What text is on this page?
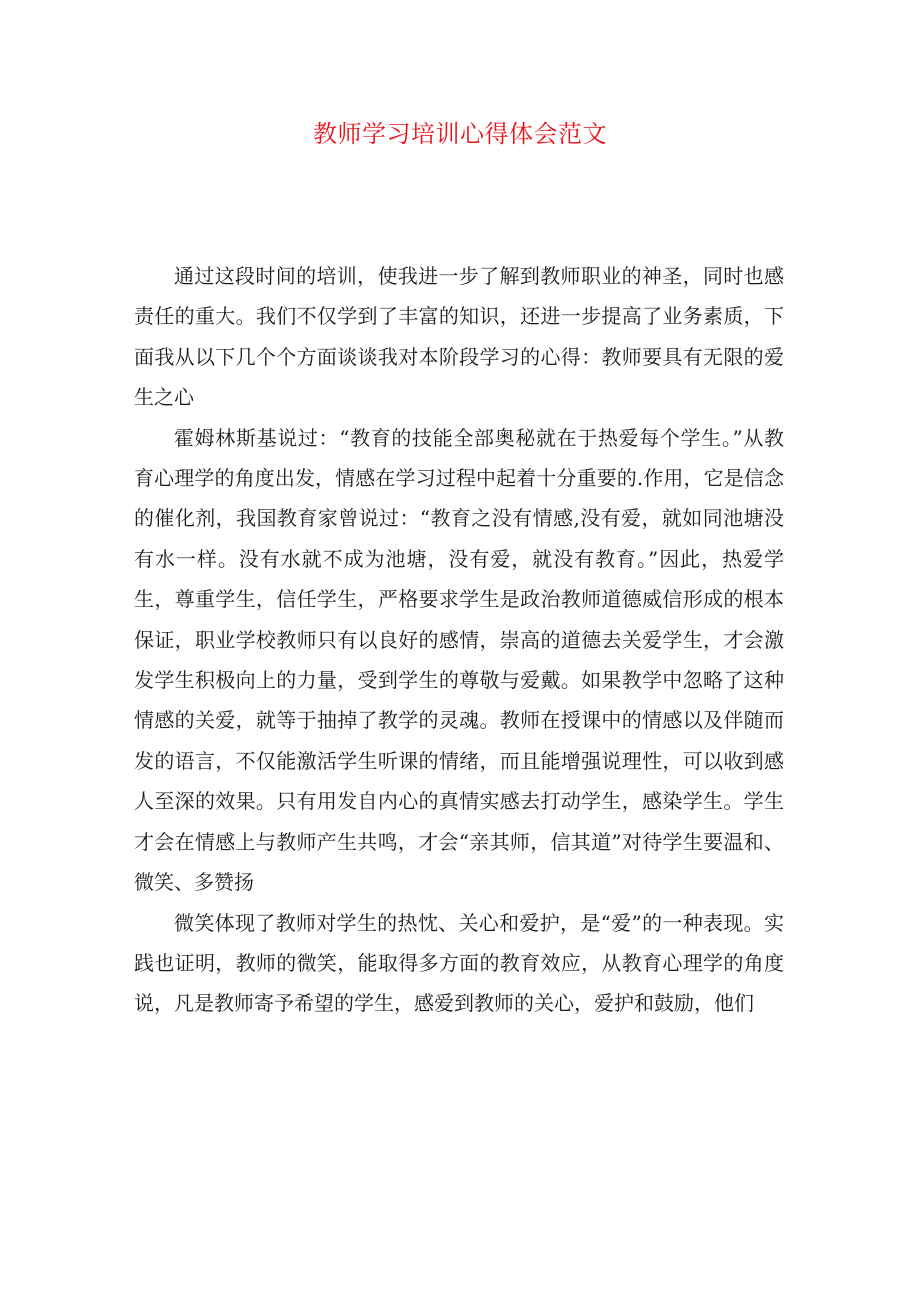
教师学习培训心得体会范文

通过这段时间的培训，使我进一步了解到教师职业的神圣，同时也感责任的重大。我们不仅学到了丰富的知识，还进一步提高了业务素质，下面我从以下几个个方面谈谈我对本阶段学习的心得：教师要具有无限的爱生之心

霍姆林斯基说过：“教育的技能全部奥秘就在于热爱每个学生。”从教育心理学的角度出发，情感在学习过程中起着十分重要的.作用，它是信念的催化剂，我国教育家曾说过：“教育之没有情感,没有爱，就如同池塘没有水一样。没有水就不成为池塘，没有爱，就没有教育。”因此，热爱学生，尊重学生，信任学生，严格要求学生是政治教师道德威信形成的根本保证，职业学校教师只有以良好的感情，崇高的道德去关爱学生，才会激发学生积极向上的力量，受到学生的尊敬与爱戴。如果教学中忽略了这种情感的关爱，就等于抽掉了教学的灵魂。教师在授课中的情感以及伴随而发的语言，不仅能激活学生听课的情绪，而且能增强说理性，可以收到感人至深的效果。只有用发自内心的真情实感去打动学生，感染学生。学生才会在情感上与教师产生共鸣，才会“亲其师，信其道”对待学生要温和、微笑、多赞扬

微笑体现了教师对学生的热忱、关心和爱护，是“爱”的一种表现。实践也证明，教师的微笑，能取得多方面的教育效应，从教育心理学的角度说，凡是教师寄予希望的学生，感爱到教师的关心，爱护和鼓励，他们
